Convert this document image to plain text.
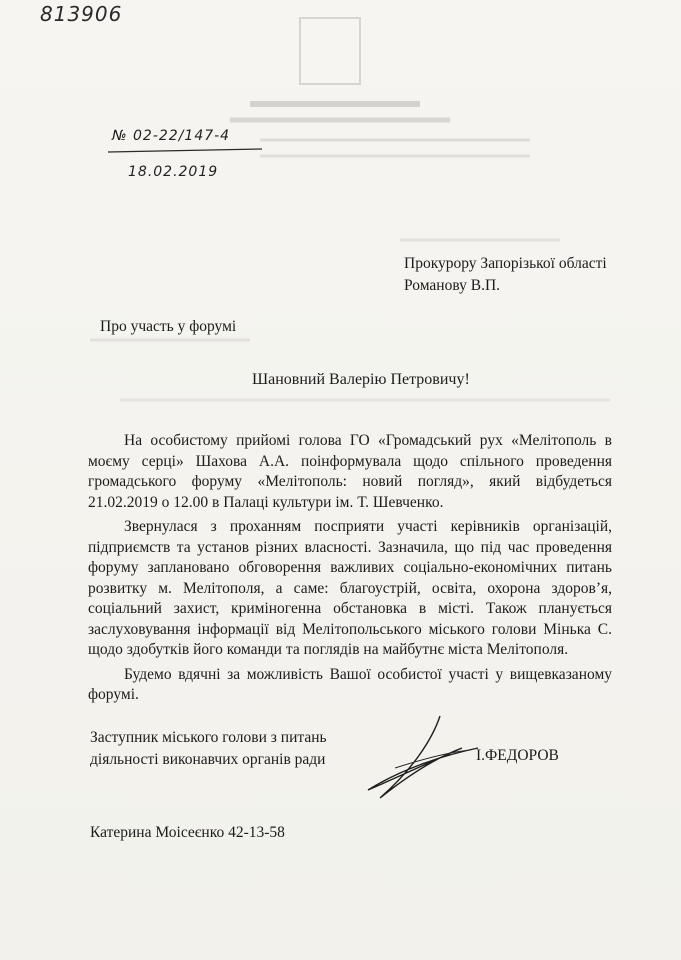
813906
№ 02-22/147-4
18.02.2019
Прокурору Запорізької області
Романову В.П.
Про участь у форумі
Шановний Валерію Петровичу!

На особистому прийомі голова ГО «Громадський рух «Мелітополь в моєму серці» Шахова А.А. поінформувала щодо спільного проведення громадського форуму «Мелітополь: новий погляд», який відбудеться 21.02.2019 о 12.00 в Палаці культури ім. Т. Шевченко.

Звернулася з проханням посприяти участі керівників організацій, підприємств та установ різних власності. Зазначила, що під час проведення форуму заплановано обговорення важливих соціально-економічних питань розвитку м. Мелітополя, а саме: благоустрій, освіта, охорона здоров’я, соціальний захист, криміногенна обстановка в місті. Також планується заслуховування інформації від Мелітопольського міського голови Мінька С. щодо здобутків його команди та поглядів на майбутнє міста Мелітополя.

Будемо вдячні за можливість Вашої особистої участі у вищевказаному форумі.

Заступник міського голови з питань
діяльності виконавчих органів ради	І.ФЕДОРОВ
Катерина Моісеєнко 42-13-58
